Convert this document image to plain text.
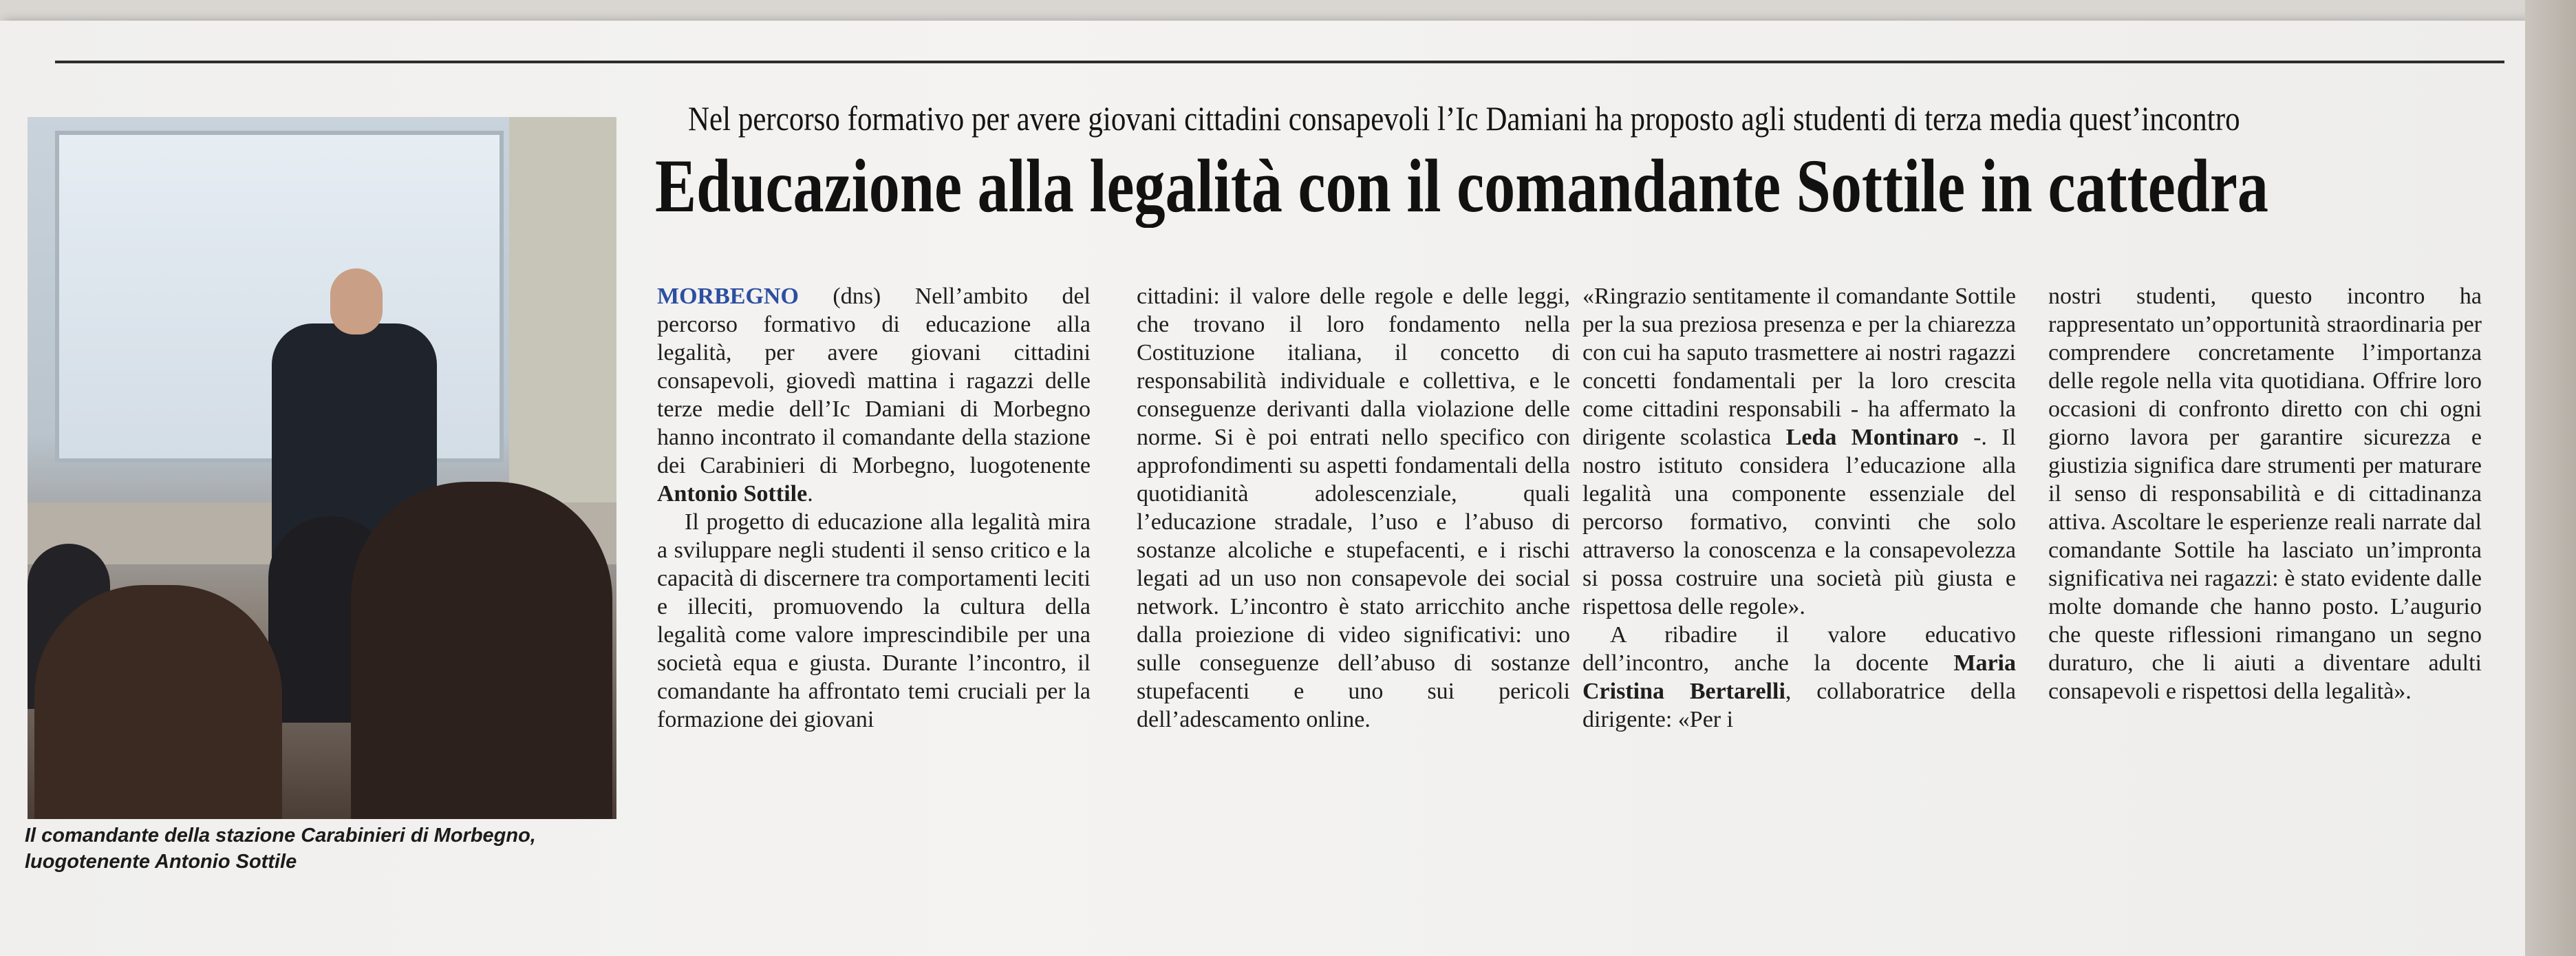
Il comandante della stazione Carabinieri di Morbegno, luogotenente Antonio Sottile
Nel percorso formativo per avere giovani cittadini consapevoli l’Ic Damiani ha proposto agli studenti di terza media quest’incontro
Educazione alla legalità con il comandante Sottile in cattedra

MORBEGNO (dns) Nell’ambito del percorso formativo di educazione alla legalità, per avere giovani cittadini consapevoli, giovedì mattina i ragazzi delle terze medie dell’Ic Damiani di Morbegno hanno incontrato il comandante della stazione dei Carabinieri di Morbegno, luogotenente Antonio Sottile.

Il progetto di educazione alla legalità mira a sviluppare negli studenti il senso critico e la capacità di discernere tra comportamenti leciti e illeciti, promuovendo la cultura della legalità come valore imprescindibile per una società equa e giusta. Durante l’incontro, il comandante ha affrontato temi cruciali per la formazione dei giovani

cittadini: il valore delle regole e delle leggi, che trovano il loro fondamento nella Costituzione italiana, il concetto di responsabilità individuale e collettiva, e le conseguenze derivanti dalla violazione delle norme. Si è poi entrati nello specifico con approfondimenti su aspetti fondamentali della quotidianità adolescenziale, quali l’educazione stradale, l’uso e l’abuso di sostanze alcoliche e stupefacenti, e i rischi legati ad un uso non consapevole dei social network. L’incontro è stato arricchito anche dalla proiezione di video significativi: uno sulle conseguenze dell’abuso di sostanze stupefacenti e uno sui pericoli dell’adescamento online.

«Ringrazio sentitamente il comandante Sottile per la sua preziosa presenza e per la chiarezza con cui ha saputo trasmettere ai nostri ragazzi concetti fondamentali per la loro crescita come cittadini responsabili - ha affermato la dirigente scolastica Leda Montinaro -. Il nostro istituto considera l’educazione alla legalità una componente essenziale del percorso formativo, convinti che solo attraverso la conoscenza e la consapevolezza si possa costruire una società più giusta e rispettosa delle regole».

A ribadire il valore educativo dell’incontro, anche la docente Maria Cristina Bertarelli, collaboratrice della dirigente: «Per i

nostri studenti, questo incontro ha rappresentato un’opportunità straordinaria per comprendere concretamente l’importanza delle regole nella vita quotidiana. Offrire loro occasioni di confronto diretto con chi ogni giorno lavora per garantire sicurezza e giustizia significa dare strumenti per maturare il senso di responsabilità e di cittadinanza attiva. Ascoltare le esperienze reali narrate dal comandante Sottile ha lasciato un’impronta significativa nei ragazzi: è stato evidente dalle molte domande che hanno posto. L’augurio che queste riflessioni rimangano un segno duraturo, che li aiuti a diventare adulti consapevoli e rispettosi della legalità».
